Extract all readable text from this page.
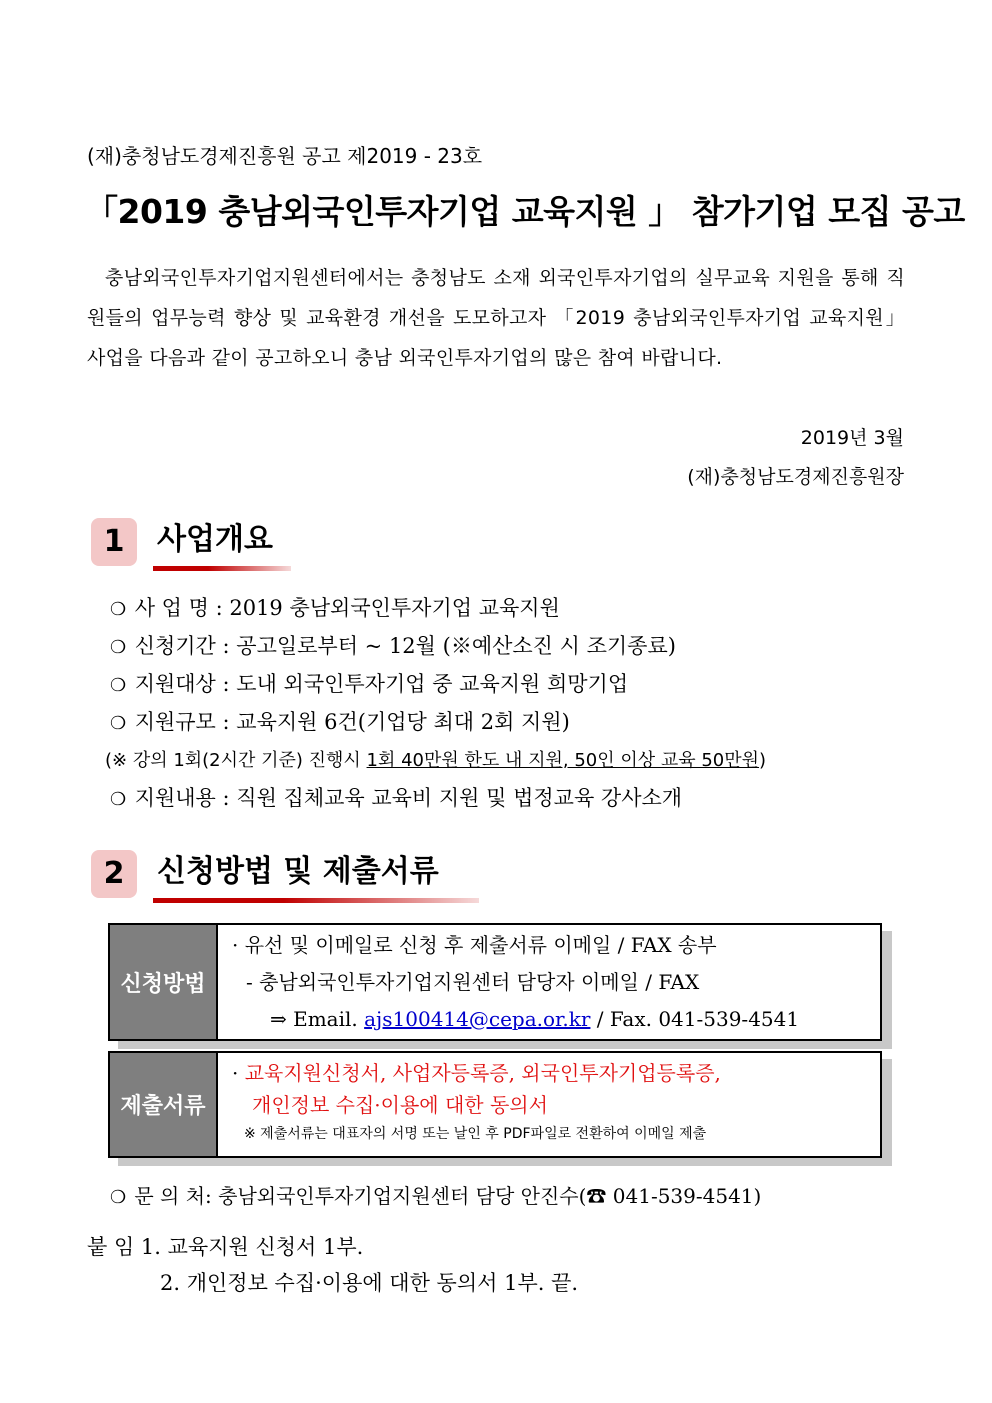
(재)충청남도경제진흥원 공고 제2019 - 23호
「2019 충남외국인투자기업 교육지원 」 참가기업 모집 공고

충남외국인투자기업지원센터에서는 충청남도 소재 외국인투자기업의 실무교육 지원을 통해 직원들의 업무능력 향상 및 교육환경 개선을 도모하고자 「2019 충남외국인투자기업 교육지원」 사업을 다음과 같이 공고하오니 충남 외국인투자기업의 많은 참여 바랍니다.

2019년 3월
(재)충청남도경제진흥원장
1	사업개요
❍ 사 업 명 : 2019 충남외국인투자기업 교육지원
❍ 신청기간 : 공고일로부터 ~ 12월 (※예산소진 시 조기종료)
❍ 지원대상 : 도내 외국인투자기업 중 교육지원 희망기업
❍ 지원규모 : 교육지원 6건(기업당 최대 2회 지원)
(※ 강의 1회(2시간 기준) 진행시 1회 40만원 한도 내 지원, 50인 이상 교육 50만원)
❍ 지원내용 : 직원 집체교육 교육비 지원 및 법정교육 강사소개
2	신청방법 및 제출서류
신청방법
· 유선 및 이메일로 신청 후 제출서류 이메일 / FAX 송부
- 충남외국인투자기업지원센터 담당자 이메일 / FAX
⇒ Email. ajs100414@cepa.or.kr / Fax. 041-539-4541
제출서류
· 교육지원신청서, 사업자등록증, 외국인투자기업등록증,
개인정보 수집·이용에 대한 동의서
※ 제출서류는 대표자의 서명 또는 날인 후 PDF파일로 전환하여 이메일 제출
❍ 문 의 처: 충남외국인투자기업지원센터 담당 안진수(☎ 041-539-4541)
붙 임 1. 교육지원 신청서 1부.
2. 개인정보 수집·이용에 대한 동의서 1부. 끝.
